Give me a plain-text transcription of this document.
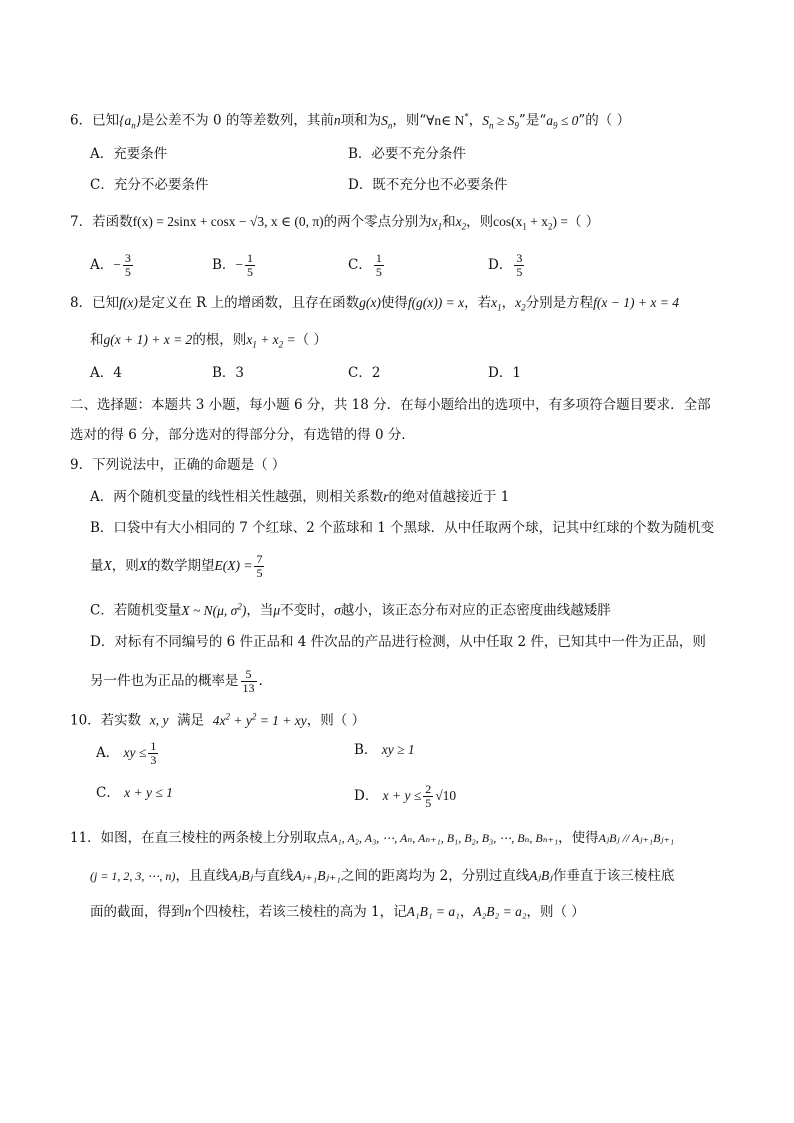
6．已知$\{a_n\}$是公差不为 0 的等差数列，其前n项和为$S_n$，则“∀n∈ N*，$S_n \ge S_9$”是“$a_9 \le 0$”的（ ）
A．充要条件	B．必要不充分条件
C．充分不必要条件	D．既不充分也不必要条件
7．若函数f(x) = 2sinx + cosx − √3, x ∈ (0, π)的两个零点分别为$x_1$和$x_2$，则$\cos(x_1 + x_2)$ =（ ）
A．− $\frac{3}{5}$	B．− $\frac{1}{5}$	C． $\frac{1}{5}$	D． $\frac{3}{5}$
8．已知f(x)是定义在 R 上的增函数，且存在函数g(x)使得f(g(x)) = x，若$x_1$，$x_2$分别是方程f(x − 1) + x = 4
和g(x + 1) + x = 2的根，则$x_1 + x_2$ =（ ）
A．4	B．3	C．2	D．1
二、选择题：本题共 3 小题，每小题 6 分，共 18 分．在每小题给出的选项中，有多项符合题目要求．全部
选对的得 6 分，部分选对的得部分分，有选错的得 0 分．
9．下列说法中，正确的命题是（ ）
A．两个随机变量的线性相关性越强，则相关系数r的绝对值越接近于 1
B．口袋中有大小相同的 7 个红球、2 个蓝球和 1 个黑球．从中任取两个球，记其中红球的个数为随机变
量X，则X的数学期望$E(X) = \frac{7}{5}$
C．若随机变量X ~ N(μ, $\sigma^2$)，当μ不变时，σ越小，该正态分布对应的正态密度曲线越矮胖
D．对标有不同编号的 6 件正品和 4 件次品的产品进行检测，从中任取 2 件，已知其中一件为正品，则
另一件也为正品的概率是 $\frac{5}{13}$ .
10．若实数 x, y 满足 $4x^2 + y^2 = 1$ + xy，则（ ）
A． xy ≤ $\frac{1}{3}$	B． xy ≥ 1
C． x + y ≤ 1	D． $x + y \le \frac{2}{5} √10$
11．如图，在直三棱柱的两条棱上分别取点A₁, A₂, A₃, ⋯, Aₙ, Aₙ₊₁, B₁, B₂, B₃, ⋯, Bₙ, Bₙ₊₁，使得AⱼBⱼ // Aⱼ₊₁Bⱼ₊₁
(j = 1, 2, 3, ⋯, n)，且直线AⱼBⱼ与直线Aⱼ₊₁Bⱼ₊₁之间的距离均为 2，分别过直线AⱼBⱼ作垂直于该三棱柱底
面的截面，得到n个四棱柱，若该三棱柱的高为 1，记A₁B₁ = a₁，A₂B₂ = a₂，则（ ）
